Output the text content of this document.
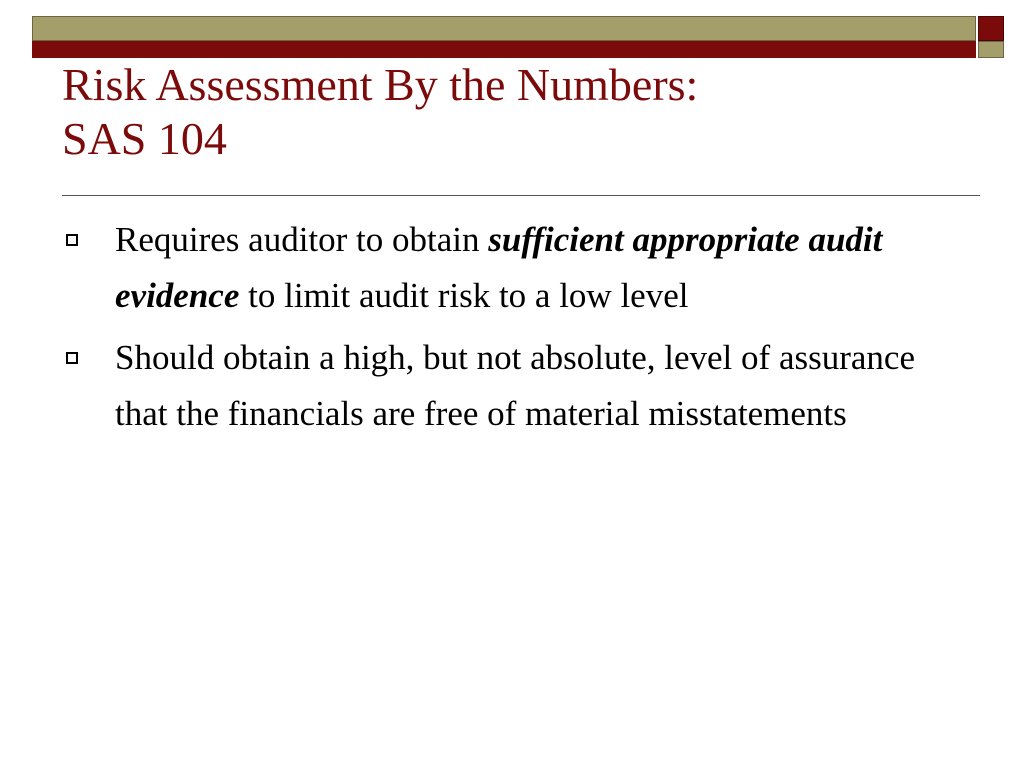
Risk Assessment By the Numbers:
SAS 104
Requires auditor to obtain sufficient appropriate audit evidence to limit audit risk to a low level
Should obtain a high, but not absolute, level of assurance that the financials are free of material misstatements
